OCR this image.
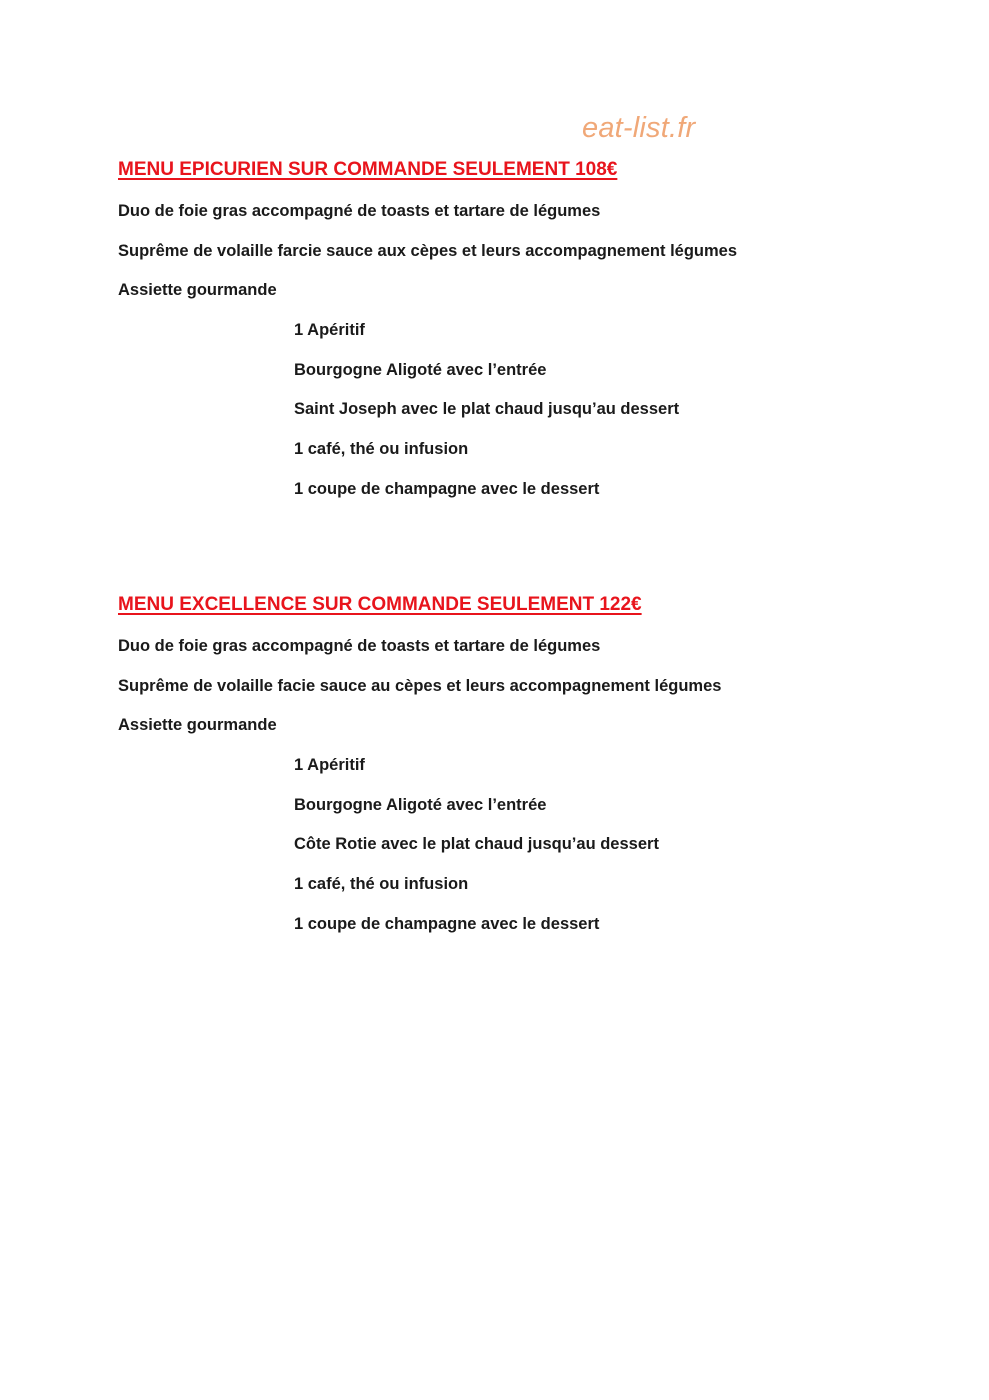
eat-list.fr
MENU EPICURIEN SUR COMMANDE SEULEMENT 108€
Duo de foie gras accompagné de toasts et tartare de légumes
Suprême de volaille farcie sauce aux cèpes et leurs accompagnement légumes
Assiette gourmande
1 Apéritif
Bourgogne Aligoté avec l’entrée
Saint Joseph avec le plat chaud jusqu’au dessert
1 café, thé ou infusion
1 coupe de champagne avec le dessert
MENU EXCELLENCE SUR COMMANDE SEULEMENT 122€
Duo de foie gras accompagné de toasts et tartare de légumes
Suprême de volaille facie sauce au cèpes et leurs accompagnement légumes
Assiette gourmande
1 Apéritif
Bourgogne Aligoté avec l’entrée
Côte Rotie avec le plat chaud jusqu’au dessert
1 café, thé ou infusion
1 coupe de champagne avec le dessert
